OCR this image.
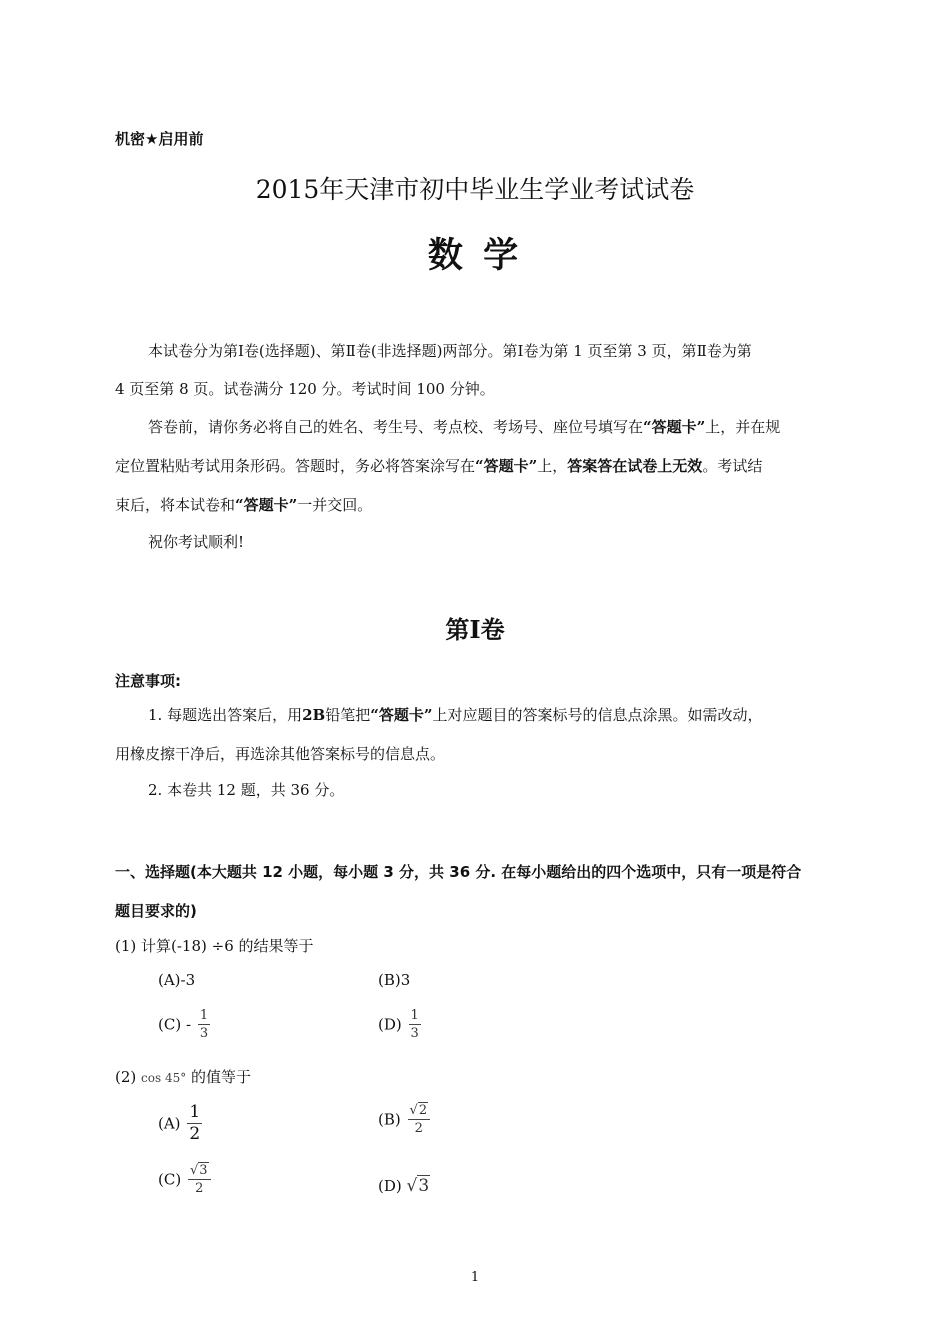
机密★启用前
2015年天津市初中毕业生学业考试试卷
数 学
本试卷分为第Ⅰ卷(选择题)、第Ⅱ卷(非选择题)两部分。第Ⅰ卷为第 1 页至第 3 页，第Ⅱ卷为第
4 页至第 8 页。试卷满分 120 分。考试时间 100 分钟。
答卷前，请你务必将自己的姓名、考生号、考点校、考场号、座位号填写在“答题卡”上，并在规
定位置粘贴考试用条形码。答题时，务必将答案涂写在“答题卡”上，答案答在试卷上无效。考试结
束后，将本试卷和“答题卡”一并交回。
祝你考试顺利!
第Ⅰ卷
注意事项:
1. 每题选出答案后，用2B铅笔把“答题卡”上对应题目的答案标号的信息点涂黑。如需改动，
用橡皮擦干净后，再选涂其他答案标号的信息点。
2. 本卷共 12 题，共 36 分。
一、选择题(本大题共 12 小题，每小题 3 分，共 36 分. 在每小题给出的四个选项中，只有一项是符合
题目要求的)
(1) 计算(-18) ÷6 的结果等于
(A)-3	(B)3
$(C) - \frac{1}{3}$	$(D) \frac{1}{3}$
(2) cos 45° 的值等于
$(A) \frac{1}{2}$	$(B) \frac{√2}{2}$
$(C) \frac{√3}{2}$	(D) √3
1
